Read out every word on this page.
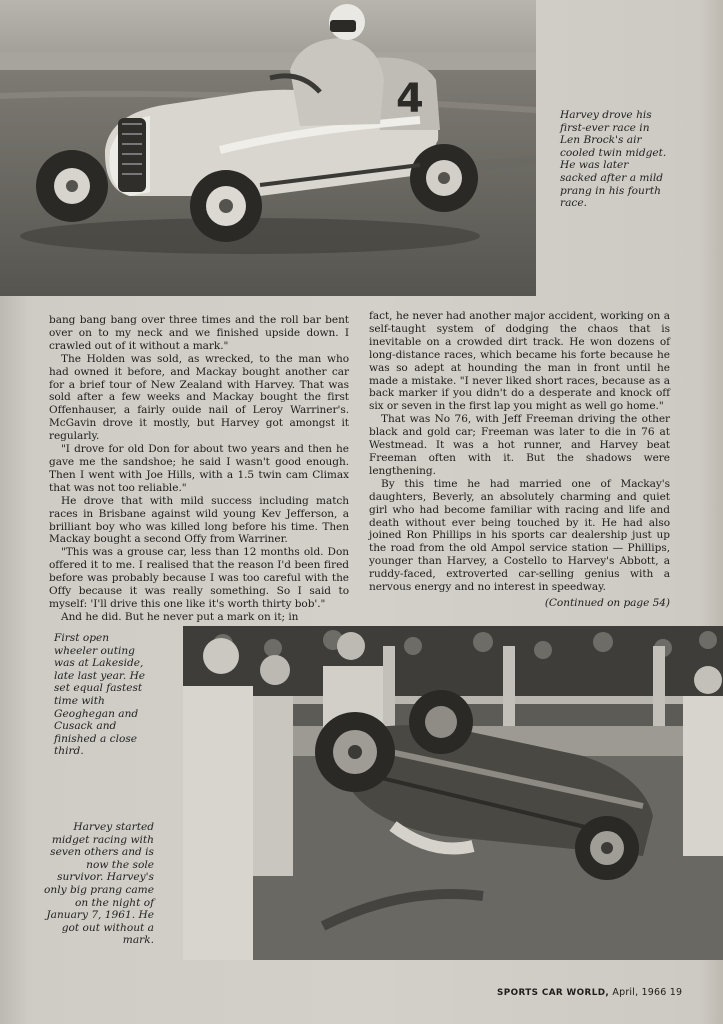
4	Harvey drove his first-ever race in Len Brock's air cooled twin midget. He was later sacked after a mild prang in his fourth race.

bang bang bang over three times and the roll bar bent over on to my neck and we finished upside down. I crawled out of it without a mark."

The Holden was sold, as wrecked, to the man who had owned it before, and Mackay bought another car for a brief tour of New Zealand with Harvey. That was sold after a few weeks and Mackay bought the first Offenhauser, a fairly ouide nail of Leroy Warriner's. McGavin drove it mostly, but Harvey got amongst it regularly.

"I drove for old Don for about two years and then he gave me the sandshoe; he said I wasn't good enough. Then I went with Joe Hills, with a 1.5 twin cam Climax that was not too reliable."

He drove that with mild success including match races in Brisbane against wild young Kev Jefferson, a brilliant boy who was killed long before his time. Then Mackay bought a second Offy from Warriner.

"This was a grouse car, less than 12 months old. Don offered it to me. I realised that the reason I'd been fired before was probably because I was too careful with the Offy because it was really something. So I said to myself: 'I'll drive this one like it's worth thirty bob'."

And he did. But he never put a mark on it; in

fact, he never had another major accident, working on a self-taught system of dodging the chaos that is inevitable on a crowded dirt track. He won dozens of long-distance races, which became his forte because he was so adept at hounding the man in front until he made a mistake. "I never liked short races, because as a back marker if you didn't do a desperate and knock off six or seven in the first lap you might as well go home."

That was No 76, with Jeff Freeman driving the other black and gold car; Freeman was later to die in 76 at Westmead. It was a hot runner, and Harvey beat Freeman often with it. But the shadows were lengthening.

By this time he had married one of Mackay's daughters, Beverly, an absolutely charming and quiet girl who had become familiar with racing and life and death without ever being touched by it. He had also joined Ron Phillips in his sports car dealership just up the road from the old Ampol service station — Phillips, younger than Harvey, a Costello to Harvey's Abbott, a ruddy-faced, extroverted car-selling genius with a nervous energy and no interest in speedway.

(Continued on page 54)

First open wheeler outing was at Lakeside, late last year. He set equal fastest time with Geoghegan and Cusack and finished a close third.
Harvey started midget racing with seven others and is now the sole survivor. Harvey's only big prang came on the night of January 7, 1961. He got out without a mark.
SPORTS CAR WORLD, April, 1966 19
